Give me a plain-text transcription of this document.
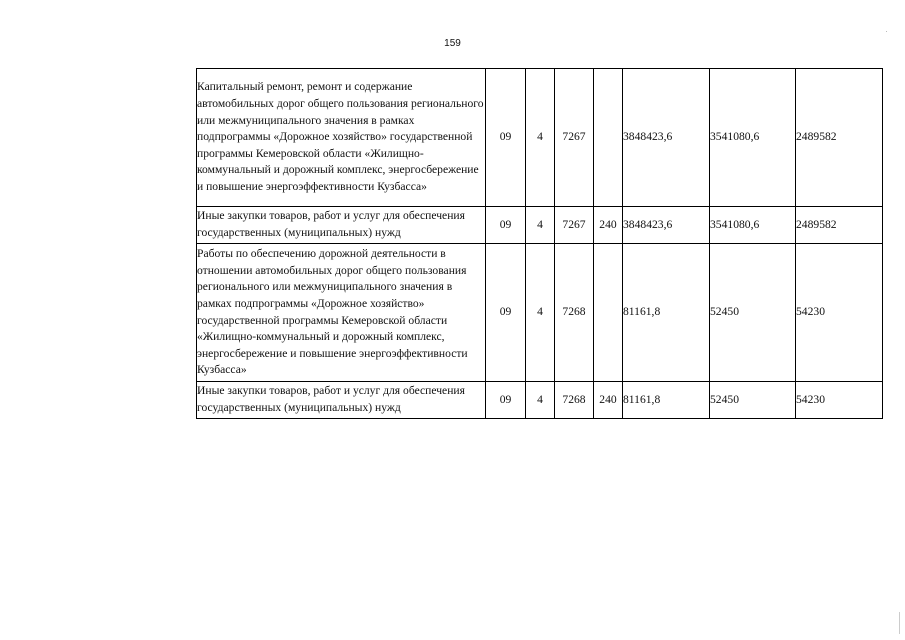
159
Капитальный ремонт, ремонт и содержание автомобильных дорог общего пользования регионального или межмуниципального значения в рамках подпрограммы «Дорожное хозяйство» государственной программы Кемеровской области «Жилищно-коммунальный и дорожный комплекс, энергосбережение и повышение энергоэффективности Кузбасса»	09	4	7267		3848423,6	3541080,6	2489582
Иные закупки товаров, работ и услуг для обеспечения государственных (муниципальных) нужд	09	4	7267	240	3848423,6	3541080,6	2489582
Работы по обеспечению дорожной деятельности в отношении автомобильных дорог общего пользования регионального или межмуниципального значения в рамках подпрограммы «Дорожное хозяйство» государственной программы Кемеровской области «Жилищно-коммунальный и дорожный комплекс, энергосбережение и повышение энергоэффективности Кузбасса»	09	4	7268		81161,8	52450	54230
Иные закупки товаров, работ и услуг для обеспечения государственных (муниципальных) нужд	09	4	7268	240	81161,8	52450	54230
